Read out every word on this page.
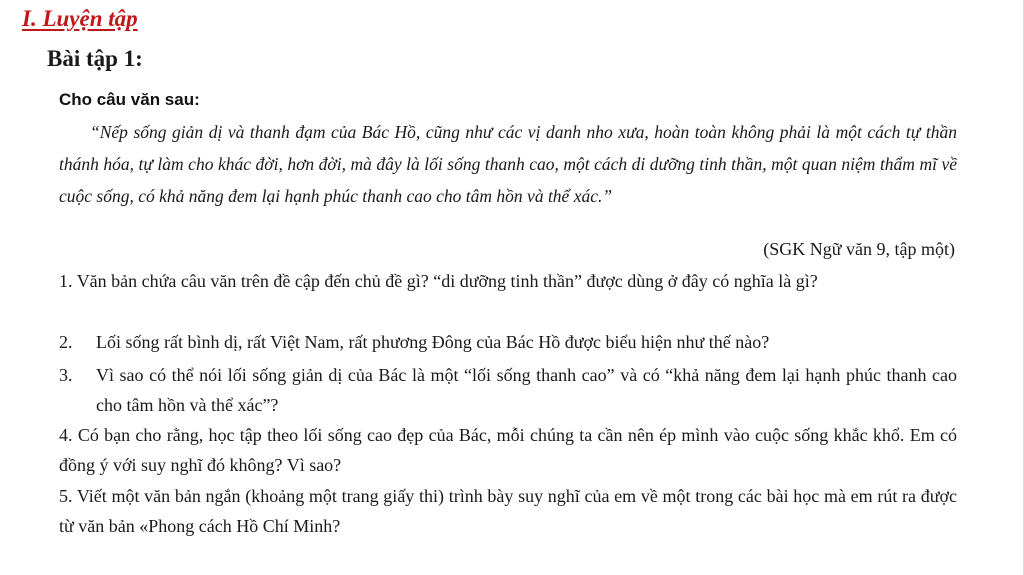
I. Luyện tập
Bài tập 1:

Cho câu văn sau:

“Nếp sống giản dị và thanh đạm của Bác Hồ, cũng như các vị danh nho xưa, hoàn toàn không phải là một cách tự thần thánh hóa, tự làm cho khác đời, hơn đời, mà đây là lối sống thanh cao, một cách di dưỡng tinh thần, một quan niệm thẩm mĩ về cuộc sống, có khả năng đem lại hạnh phúc thanh cao cho tâm hồn và thể xác.”

(SGK Ngữ văn 9, tập một)

1. Văn bản chứa câu văn trên đề cập đến chủ đề gì? “di dưỡng tinh thần” được dùng ở đây có nghĩa là gì?

2.	Lối sống rất bình dị, rất Việt Nam, rất phương Đông của Bác Hồ được biểu hiện như thế nào?

3.	Vì sao có thể nói lối sống giản dị của Bác là một “lối sống thanh cao” và có “khả năng đem lại hạnh phúc thanh cao cho tâm hồn và thể xác”?

4. Có bạn cho rằng, học tập theo lối sống cao đẹp của Bác, mỗi chúng ta cần nên ép mình vào cuộc sống khắc khổ. Em có đồng ý với suy nghĩ đó không? Vì sao?

5. Viết một văn bản ngắn (khoảng một trang giấy thi) trình bày suy nghĩ của em về một trong các bài học mà em rút ra được từ văn bản «Phong cách Hồ Chí Minh?
